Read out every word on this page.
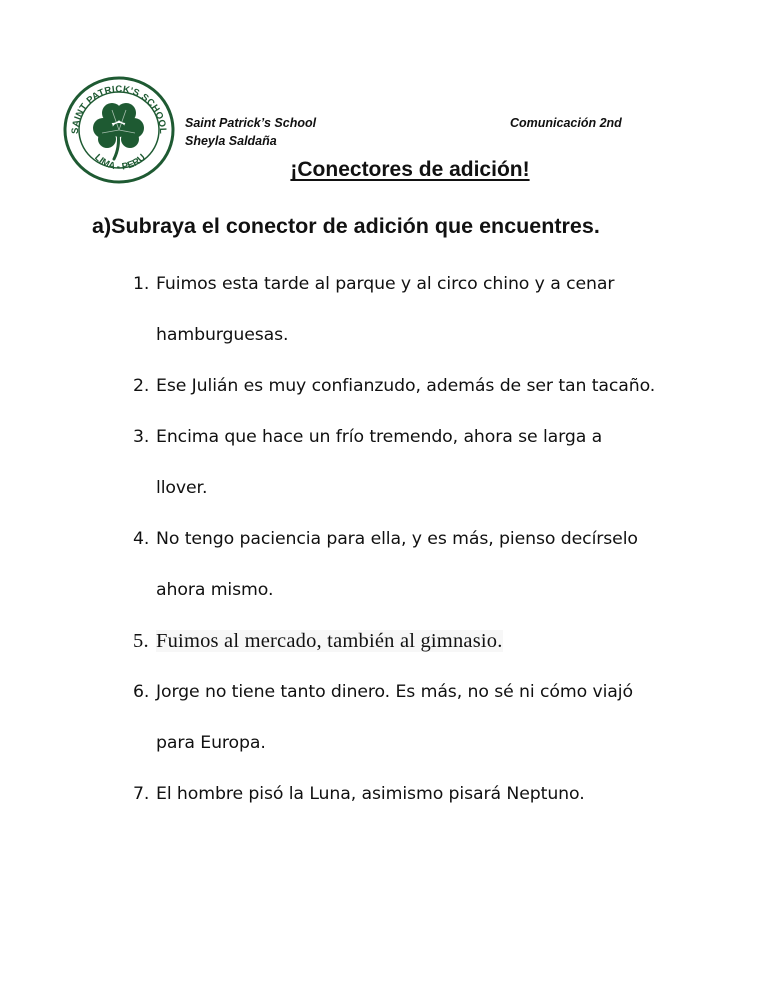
SAINT PATRICK'S SCHOOL
LIMA - PERU
Saint Patrick’s School
Sheyla Saldaña
Comunicación 2nd
¡Conectores de adición!
a)Subraya el conector de adición que encuentres.
1. Fuimos esta tarde al parque y al circo chino y a cenar hamburguesas.
2. Ese Julián es muy confianzudo, además de ser tan tacaño.
3. Encima que hace un frío tremendo, ahora se larga a llover.
4. No tengo paciencia para ella, y es más, pienso decírselo ahora mismo.
5. Fuimos al mercado, también al gimnasio.
6. Jorge no tiene tanto dinero. Es más, no sé ni cómo viajó para Europa.
7. El hombre pisó la Luna, asimismo pisará Neptuno.
